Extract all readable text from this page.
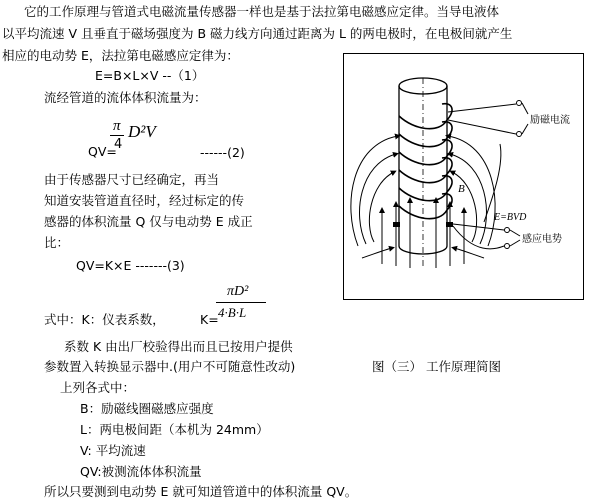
它的工作原理与管道式电磁流量传感器一样也是基于法拉第电磁感应定律。当导电液体
以平均流速 V 且垂直于磁场强度为 B 磁力线方向通过距离为 L 的两电极时，在电极间就产生
相应的电动势 E，法拉第电磁感应定律为：
E=B×L×V --（1）
流经管道的流体体积流量为：
QV=
π
4
D²V
------(2)
由于传感器尺寸已经确定，再当
知道安装管道直径时，经过标定的传
感器的体积流量 Q 仅与电动势 E 成正
比：
QV=K×E -------(3)
式中：K：仪表系数，	K=
πD²
4·B·L
系数 K 由出厂校验得出而且已按用户提供
参数置入转换显示器中.(用户不可随意性改动)	图（三） 工作原理简图
上列各式中：
B：励磁线圈磁感应强度
L：两电极间距（本机为 24mm）
V: 平均流速
QV:被测流体体积流量
所以只要测到电动势 E 就可知道管道中的体积流量 QV。
励磁电流
B
E=BVD
感应电势
